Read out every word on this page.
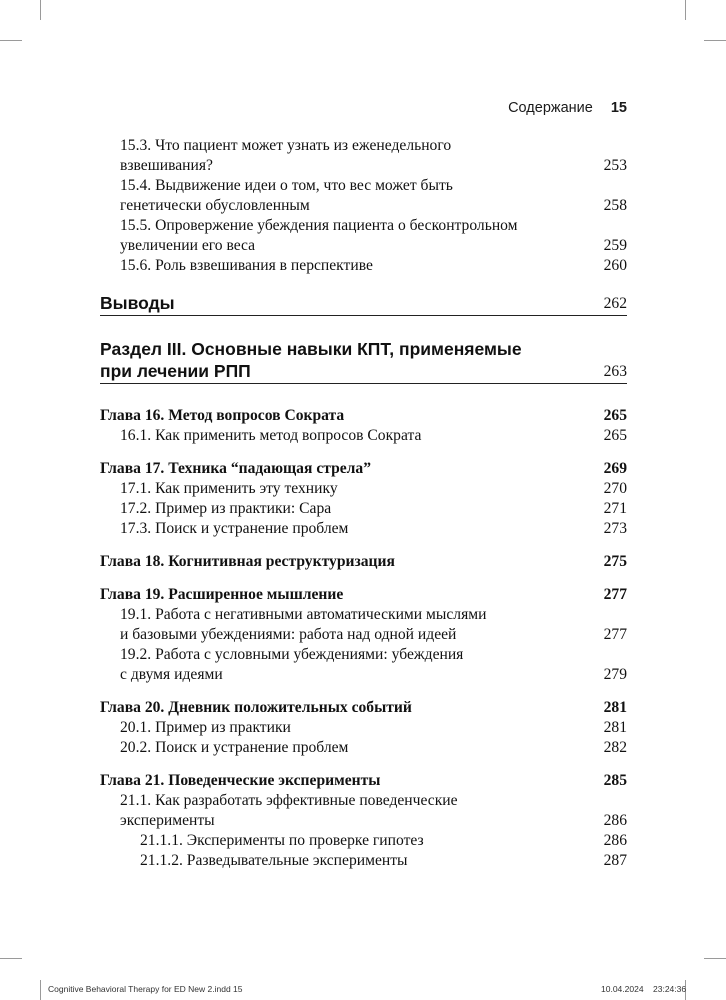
Содержание 15
15.3. Что пациент может узнать из еженедельного
взвешивания?	253
15.4. Выдвижение идеи о том, что вес может быть
генетически обусловленным	258
15.5. Опровержение убеждения пациента о бесконтрольном
увеличении его веса	259
15.6. Роль взвешивания в перспективе	260
Выводы	262
Раздел III. Основные навыки КПТ, применяемые
при лечении РПП	263
Глава 16. Метод вопросов Сократа	265
16.1. Как применить метод вопросов Сократа	265
Глава 17. Техника “падающая стрела”	269
17.1. Как применить эту технику	270
17.2. Пример из практики: Сара	271
17.3. Поиск и устранение проблем	273
Глава 18. Когнитивная реструктуризация	275
Глава 19. Расширенное мышление	277
19.1. Работа с негативными автоматическими мыслями
и базовыми убеждениями: работа над одной идеей	277
19.2. Работа с условными убеждениями: убеждения
с двумя идеями	279
Глава 20. Дневник положительных событий	281
20.1. Пример из практики	281
20.2. Поиск и устранение проблем	282
Глава 21. Поведенческие эксперименты	285
21.1. Как разработать эффективные поведенческие
эксперименты	286
21.1.1. Эксперименты по проверке гипотез	286
21.1.2. Разведывательные эксперименты	287
Cognitive Behavioral Therapy for ED New 2.indd 15	10.04.2024 23:24:36
